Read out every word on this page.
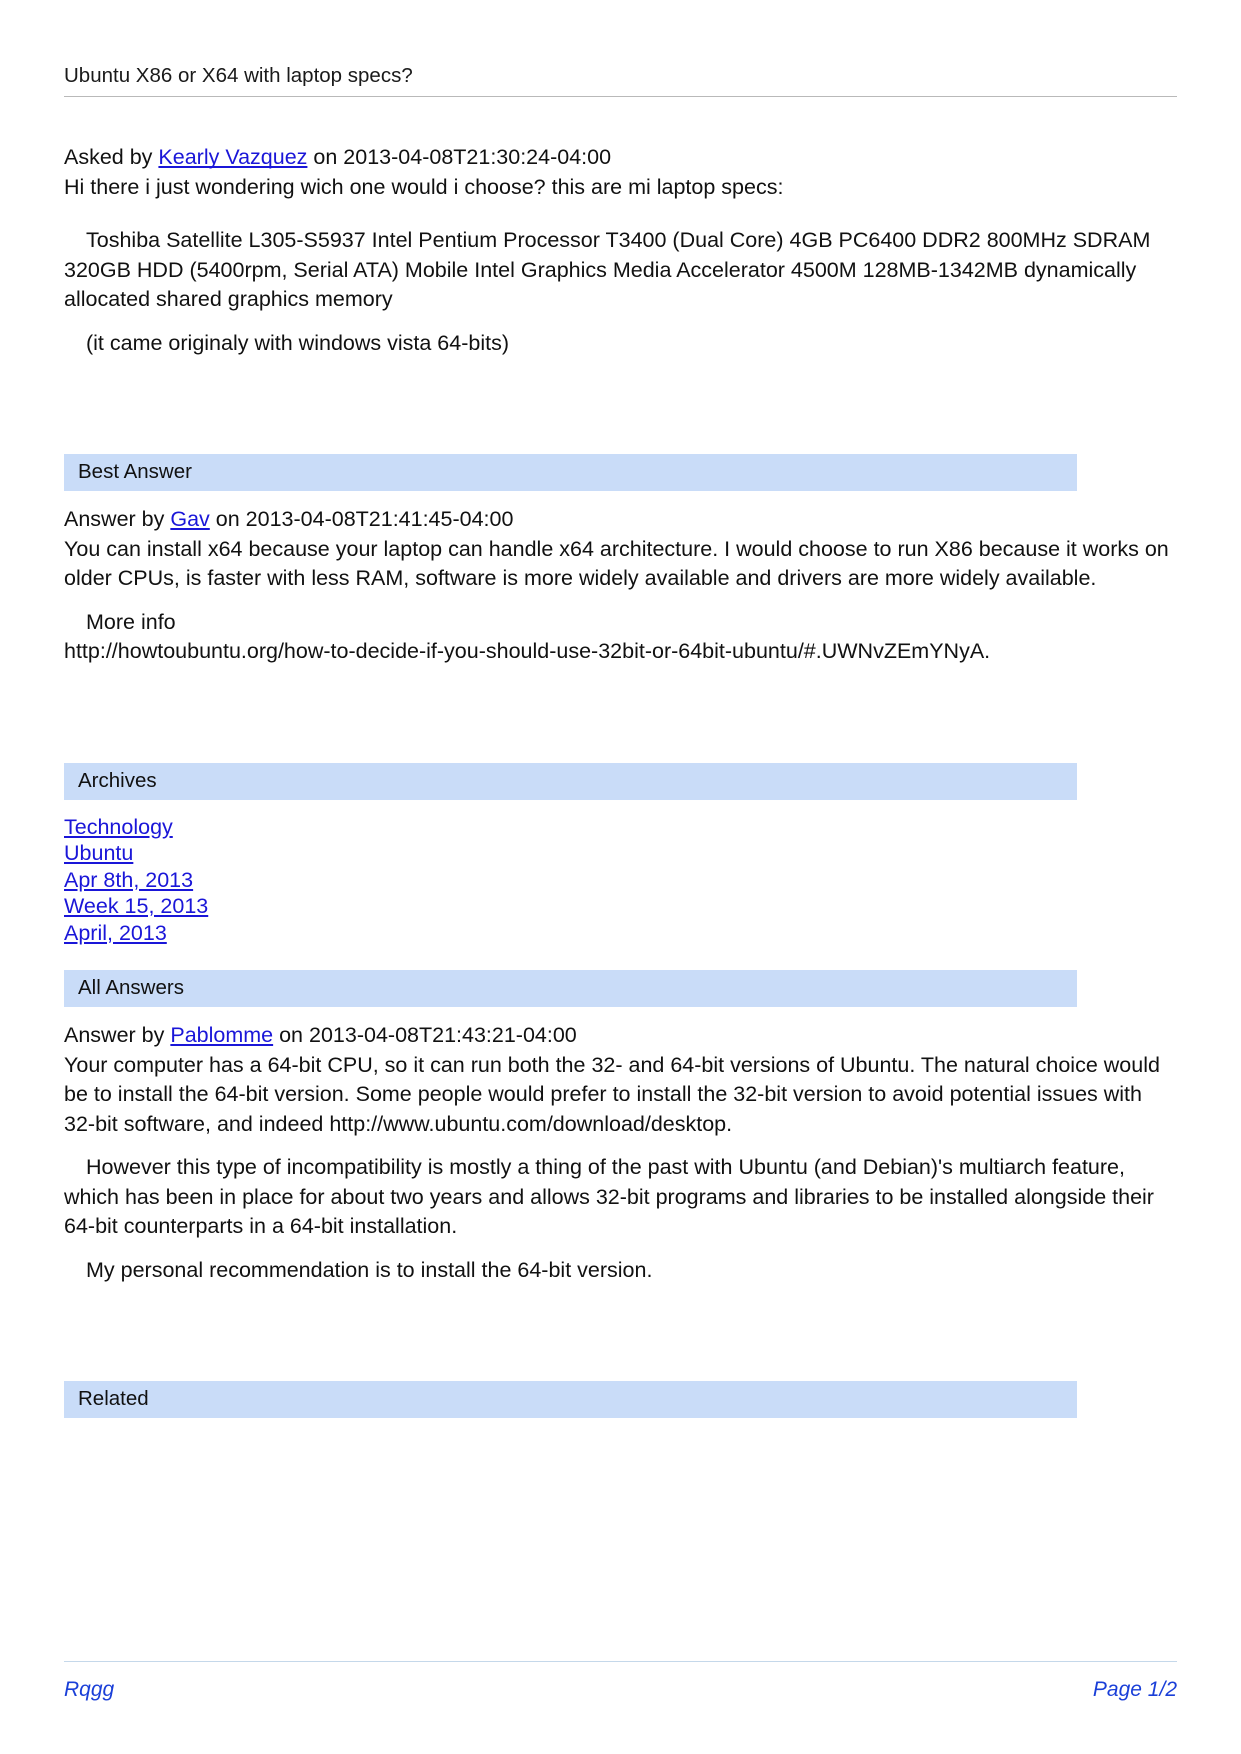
Ubuntu X86 or X64 with laptop specs?
Asked by Kearly Vazquez on 2013-04-08T21:30:24-04:00
Hi there i just wondering wich one would i choose? this are mi laptop specs:
Toshiba Satellite L305-S5937 Intel Pentium Processor T3400 (Dual Core) 4GB PC6400 DDR2 800MHz SDRAM 320GB HDD (5400rpm, Serial ATA) Mobile Intel Graphics Media Accelerator 4500M 128MB-1342MB dynamically allocated shared graphics memory
(it came originaly with windows vista 64-bits)
Best Answer
Answer by Gav on 2013-04-08T21:41:45-04:00
You can install x64 because your laptop can handle x64 architecture. I would choose to run X86 because it works on older CPUs, is faster with less RAM, software is more widely available and drivers are more widely available.
More info
http://howtoubuntu.org/how-to-decide-if-you-should-use-32bit-or-64bit-ubuntu/#.UWNvZEmYNyA.
Archives
Technology
Ubuntu
Apr 8th, 2013
Week 15, 2013
April, 2013
All Answers
Answer by Pablomme on 2013-04-08T21:43:21-04:00
Your computer has a 64-bit CPU, so it can run both the 32- and 64-bit versions of Ubuntu. The natural choice would be to install the 64-bit version. Some people would prefer to install the 32-bit version to avoid potential issues with 32-bit software, and indeed http://www.ubuntu.com/download/desktop.
However this type of incompatibility is mostly a thing of the past with Ubuntu (and Debian)'s multiarch feature, which has been in place for about two years and allows 32-bit programs and libraries to be installed alongside their 64-bit counterparts in a 64-bit installation.
My personal recommendation is to install the 64-bit version.
Related
Rqgg	Page 1/2
